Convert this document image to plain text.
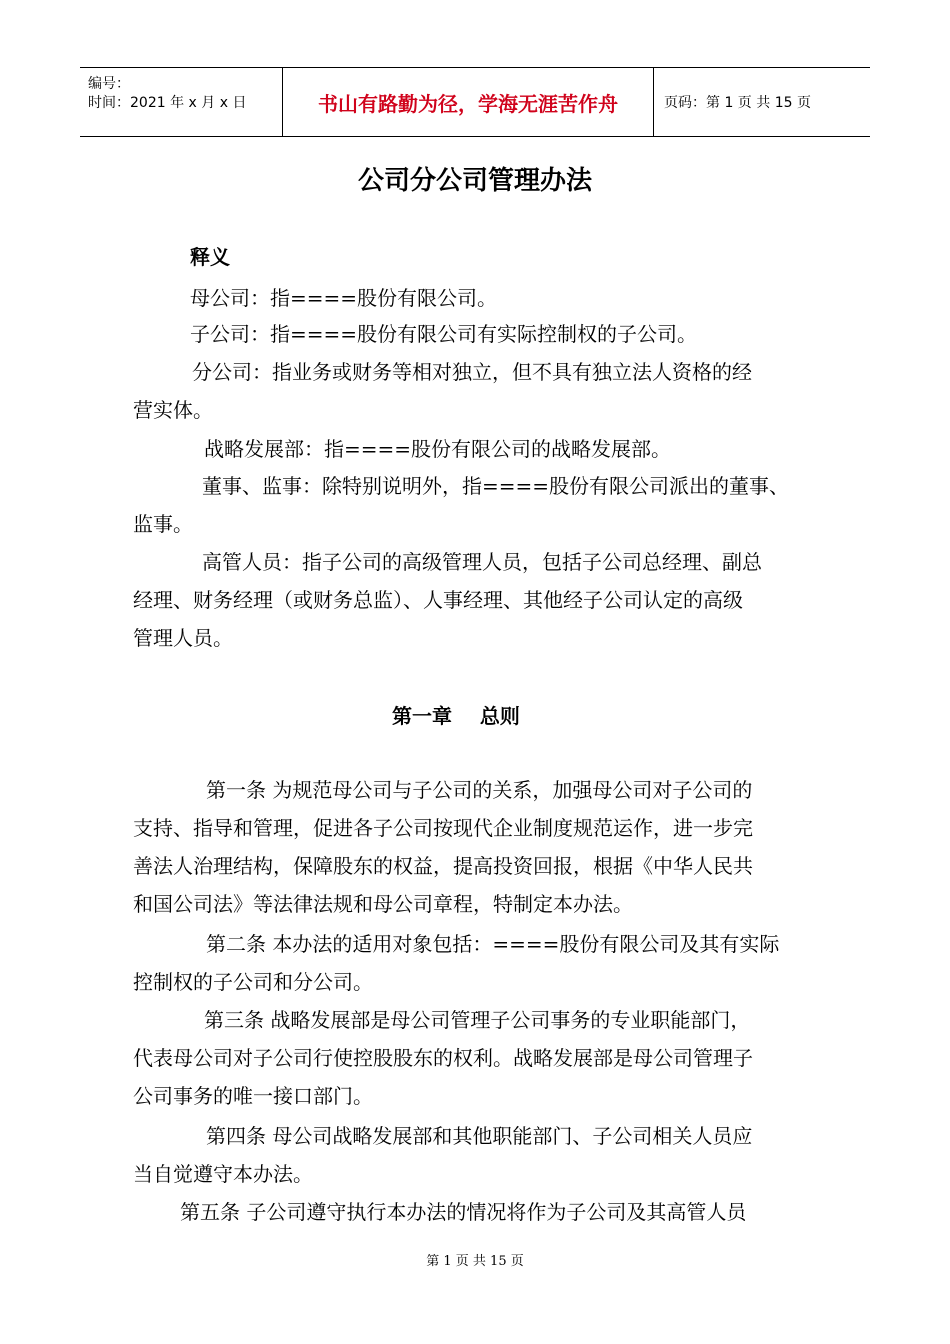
编号：
时间：2021 年 x 月 x 日	书山有路勤为径，学海无涯苦作舟	页码：第 1 页 共 15 页
公司分公司管理办法
释义
母公司：指====股份有限公司。
子公司：指====股份有限公司有实际控制权的子公司。
分公司：指业务或财务等相对独立，但不具有独立法人资格的经
营实体。
战略发展部：指====股份有限公司的战略发展部。
董事、监事：除特别说明外，指====股份有限公司派出的董事、
监事。
高管人员：指子公司的高级管理人员，包括子公司总经理、副总
经理、财务经理（或财务总监）、人事经理、其他经子公司认定的高级
管理人员。
第一章    总则
第一条 为规范母公司与子公司的关系，加强母公司对子公司的
支持、指导和管理，促进各子公司按现代企业制度规范运作，进一步完
善法人治理结构，保障股东的权益，提高投资回报，根据《中华人民共
和国公司法》等法律法规和母公司章程，特制定本办法。
第二条 本办法的适用对象包括：====股份有限公司及其有实际
控制权的子公司和分公司。
第三条 战略发展部是母公司管理子公司事务的专业职能部门，
代表母公司对子公司行使控股股东的权利。战略发展部是母公司管理子
公司事务的唯一接口部门。
第四条 母公司战略发展部和其他职能部门、子公司相关人员应
当自觉遵守本办法。
第五条 子公司遵守执行本办法的情况将作为子公司及其高管人员
第 1 页 共 15 页
